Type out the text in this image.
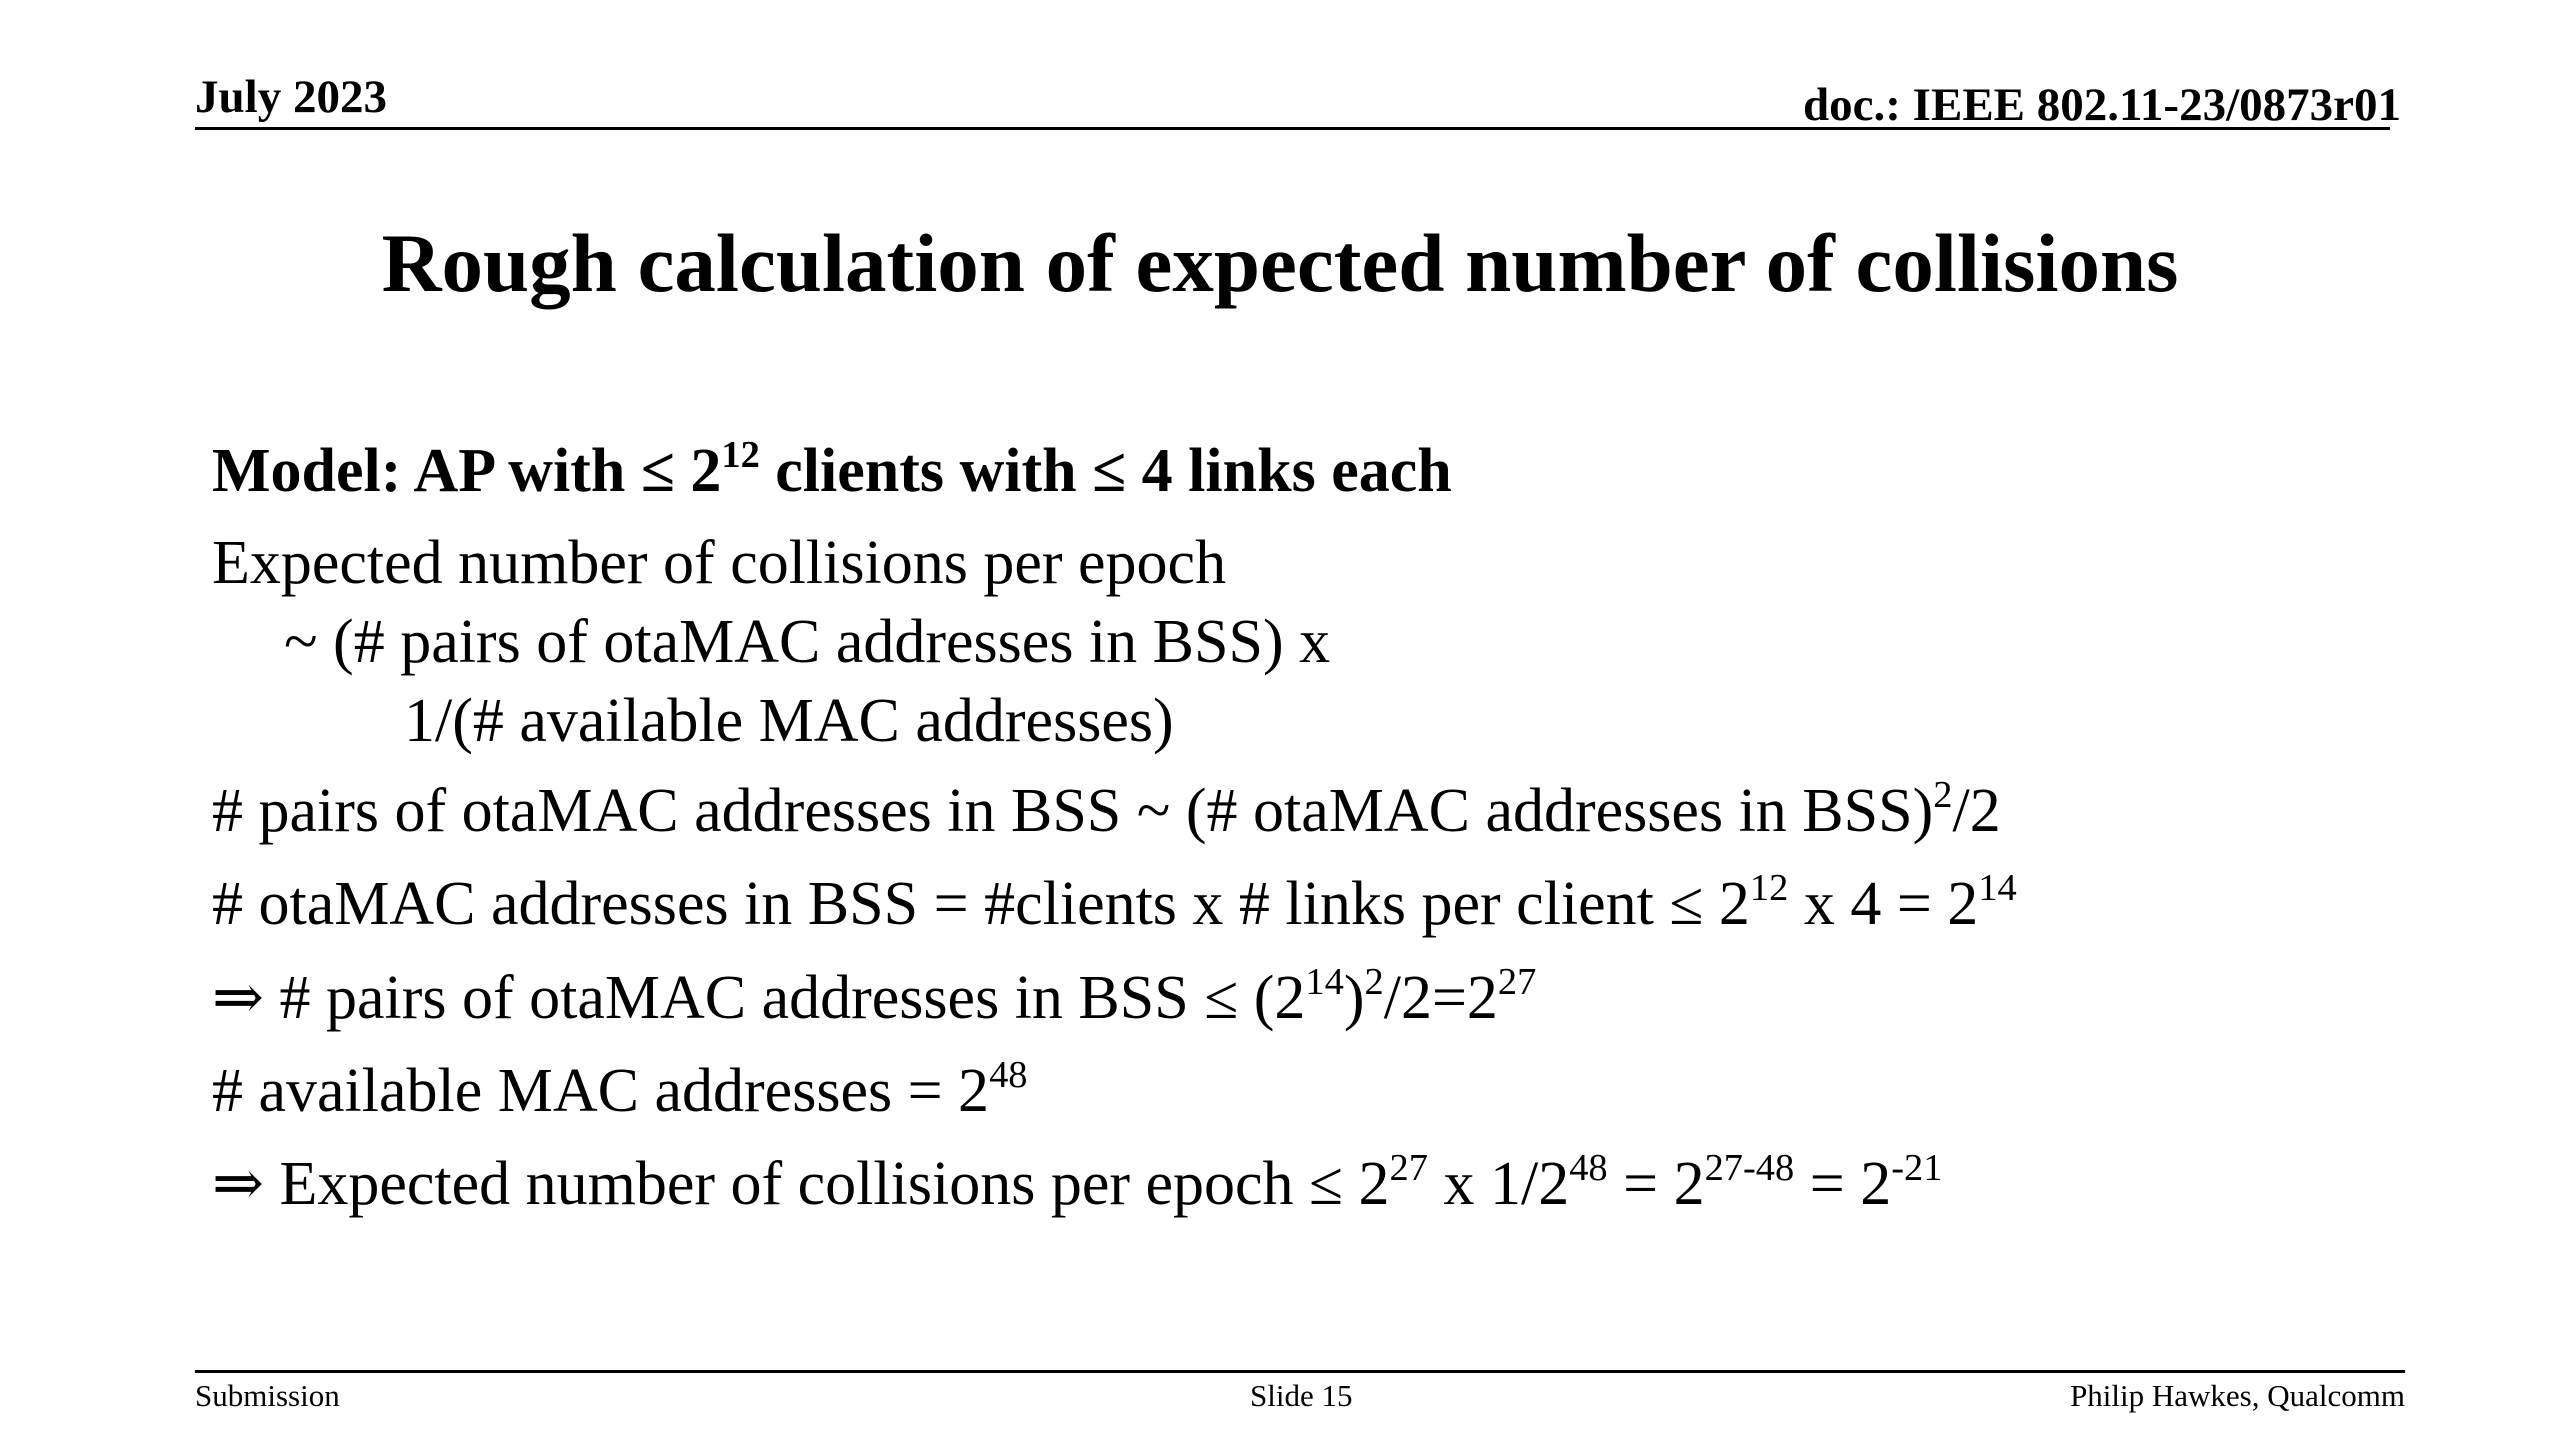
July 2023	doc.: IEEE 802.11-23/0873r01
Rough calculation of expected number of collisions
Model: AP with ≤ $2^{12}$ clients with ≤ 4 links each
Expected number of collisions per epoch
~ (# pairs of otaMAC addresses in BSS) x
1/(# available MAC addresses)
# pairs of otaMAC addresses in BSS ~ (# otaMAC addresses in BSS)$^2$/2
# otaMAC addresses in BSS = #clients x # links per client ≤ $2^{12}$ x $4 = 2^{14}$
⇒ # pairs of otaMAC addresses in BSS ≤ $(2^{14})^2/2=2^{27}$
# available MAC addresses = $2^{48}$
⇒ Expected number of collisions per epoch ≤ $2^{27}$ x $1/2^{48} = 2^{27-48} = 2^{-21}$
Submission	Slide 15	Philip Hawkes, Qualcomm
